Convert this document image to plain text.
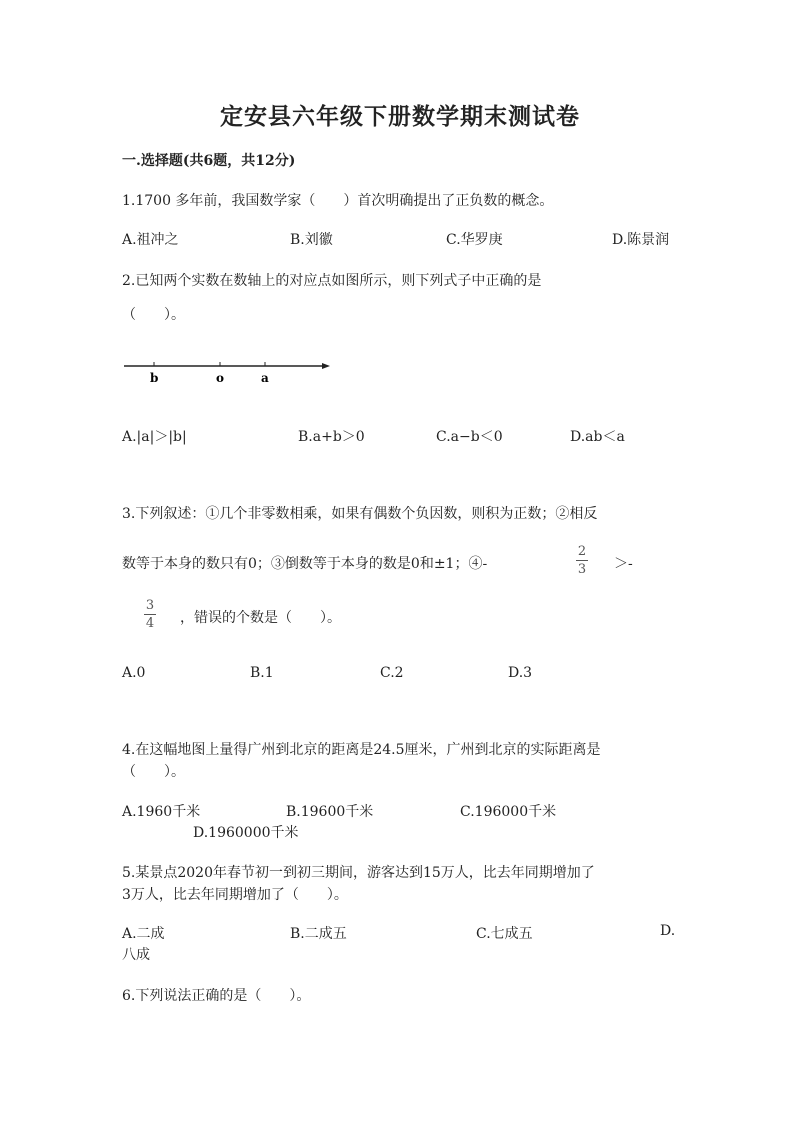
定安县六年级下册数学期末测试卷
一.选择题(共6题，共12分)
1.1700 多年前，我国数学家（　　）首次明确提出了正负数的概念。
A.祖冲之	B.刘徽	C.华罗庚	D.陈景润
2.已知两个实数在数轴上的对应点如图所示，则下列式子中正确的是
（　　）。
b	o	a
A.|a|＞|b|	B.a+b＞0	C.a−b＜0	D.ab＜a
3.下列叙述：①几个非零数相乘，如果有偶数个负因数，则积为正数；②相反
数等于本身的数只有0；③倒数等于本身的数是0和±1；④-
2
3 ＞-
3
4 ，错误的个数是（　　）。
A.0	B.1	C.2	D.3
4.在这幅地图上量得广州到北京的距离是24.5厘米，广州到北京的实际距离是
（　　）。
A.1960千米	B.19600千米	C.196000千米
D.1960000千米
5.某景点2020年春节初一到初三期间，游客达到15万人，比去年同期增加了
3万人，比去年同期增加了（　　）。
A.二成	B.二成五	C.七成五	D.
八成
6.下列说法正确的是（　　）。
